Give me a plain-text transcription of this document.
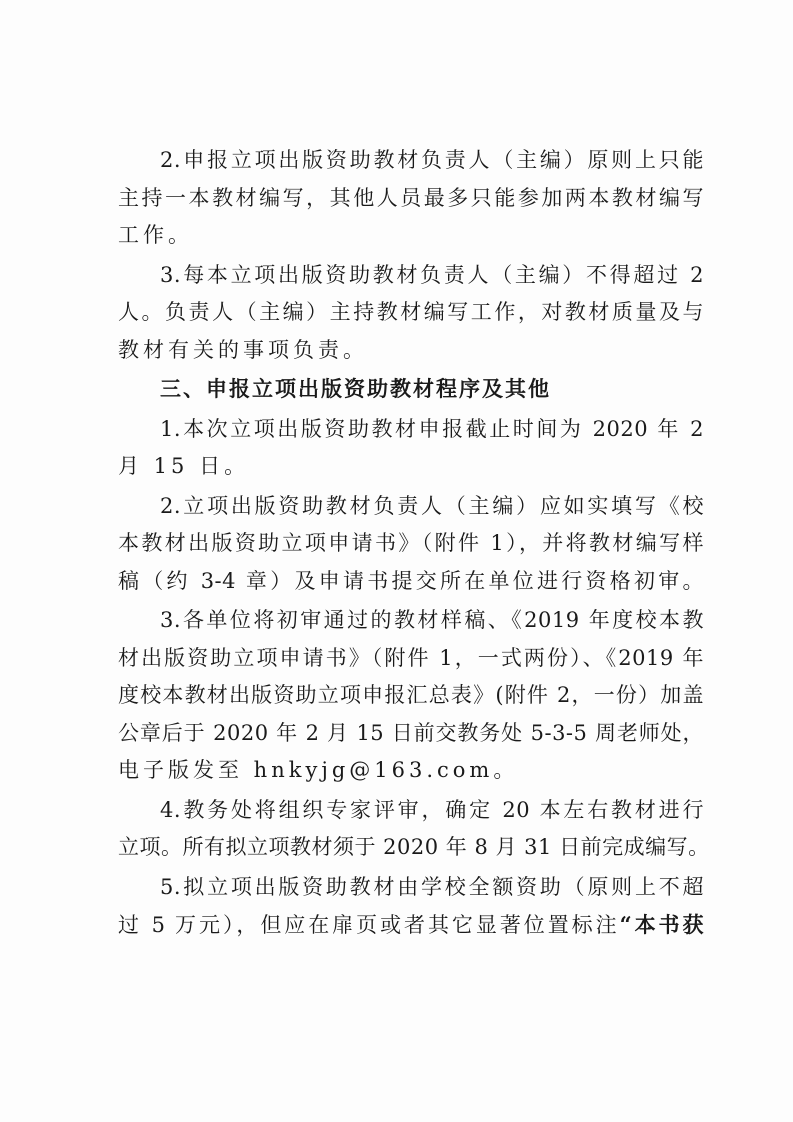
2.申报立项出版资助教材负责人（主编）原则上只能
主持一本教材编写，其他人员最多只能参加两本教材编写
工作。
3.每本立项出版资助教材负责人（主编）不得超过 2
人。负责人（主编）主持教材编写工作，对教材质量及与
教材有关的事项负责。
三、申报立项出版资助教材程序及其他
1.本次立项出版资助教材申报截止时间为 2020 年 2
月 15 日。
2.立项出版资助教材负责人（主编）应如实填写《校
本教材出版资助立项申请书》（附件 1），并将教材编写样
稿（约 3-4 章）及申请书提交所在单位进行资格初审。
3.各单位将初审通过的教材样稿、《2019 年度校本教
材出版资助立项申请书》（附件 1，一式两份）、《2019 年
度校本教材出版资助立项申报汇总表》(附件 2，一份）加盖
公章后于 2020 年 2 月 15 日前交教务处 5-3-5 周老师处，
电子版发至 hnkyjg@163.com。
4.教务处将组织专家评审，确定 20 本左右教材进行
立项。所有拟立项教材须于 2020 年 8 月 31 日前完成编写。
5.拟立项出版资助教材由学校全额资助（原则上不超
过 5 万元），但应在扉页或者其它显著位置标注“本书获
